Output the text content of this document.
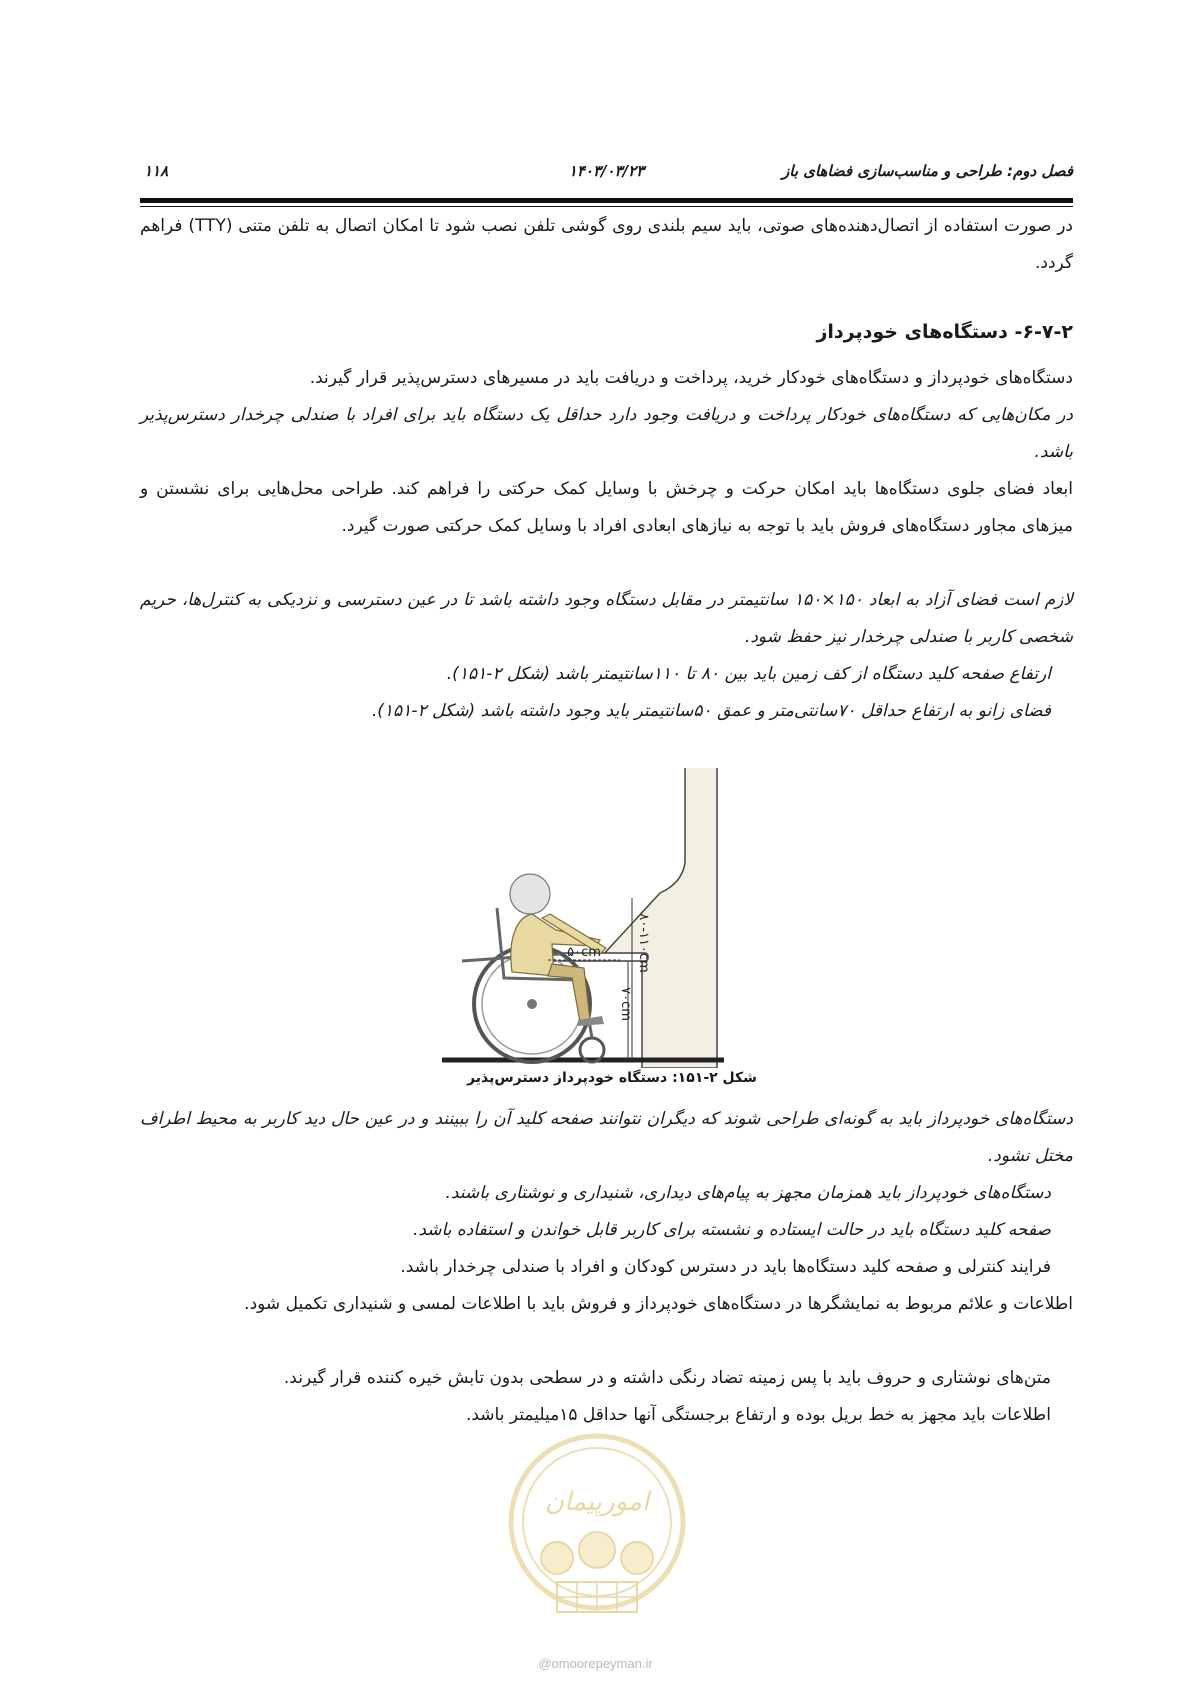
فصل دوم: طراحی و مناسب‌سازی فضاهای باز
۱۴۰۳/۰۳/۲۳
۱۱۸

در صورت استفاده از اتصال‌دهنده‌های صوتی، باید سیم بلندی روی گوشی تلفن نصب شود تا امکان اتصال به تلفن متنی (TTY) فراهم گردد.

۶-۷-۲- دستگاه‌های خودپرداز

دستگاه‌های خودپرداز و دستگاه‌های خودکار خرید، پرداخت و دریافت باید در مسیرهای دسترس‌پذیر قرار گیرند.

در مکان‌هایی که دستگاه‌های خودکار پرداخت و دریافت وجود دارد حداقل یک دستگاه باید برای افراد با صندلی چرخدار دسترس‌پذیر باشد.

ابعاد فضای جلوی دستگاه‌ها باید امکان حرکت و چرخش با وسایل کمک حرکتی را فراهم کند. طراحی محل‌هایی برای نشستن و میزهای مجاور دستگاه‌های فروش باید با توجه به نیازهای ابعادی افراد با وسایل کمک حرکتی صورت گیرد.

لازم است فضای آزاد به ابعاد ۱۵۰×۱۵۰ سانتیمتر در مقابل دستگاه وجود داشته باشد تا در عین دسترسی و نزدیکی به کنترل‌ها، حریم شخصی کاربر با صندلی چرخدار نیز حفظ شود.

ارتفاع صفحه کلید دستگاه از کف زمین باید بین ۸۰ تا ۱۱۰سانتیمتر باشد (شکل ۲-۱۵۱).

فضای زانو به ارتفاع حداقل ۷۰سانتی‌متر و عمق ۵۰سانتیمتر باید وجود داشته باشد (شکل ۲-۱۵۱).

۵۰cm	۸۰-۱۱۰cm
۷۰cm
شکل ۲-۱۵۱: دستگاه خودپرداز دسترس‌پذیر

دستگاه‌های خودپرداز باید به گونه‌ای طراحی شوند که دیگران نتوانند صفحه کلید آن را ببینند و در عین حال دید کاربر به محیط اطراف مختل نشود.

دستگاه‌های خودپرداز باید همزمان مجهز به پیام‌های دیداری، شنیداری و نوشتاری باشند.

صفحه کلید دستگاه باید در حالت ایستاده و نشسته برای کاربر قابل خواندن و استفاده باشد.

فرایند کنترلی و صفحه کلید دستگاه‌ها باید در دسترس کودکان و افراد با صندلی چرخدار باشد.

اطلاعات و علائم مربوط به نمایشگرها در دستگاه‌های خودپرداز و فروش باید با اطلاعات لمسی و شنیداری تکمیل شود.

متن‌های نوشتاری و حروف باید با پس زمینه تضاد رنگی داشته و در سطحی بدون تابش خیره کننده قرار گیرند.

اطلاعات باید مجهز به خط بریل بوده و ارتفاع برجستگی آنها حداقل ۱۵میلیمتر باشد.

امورپیمان
@omoorepeyman.ir
